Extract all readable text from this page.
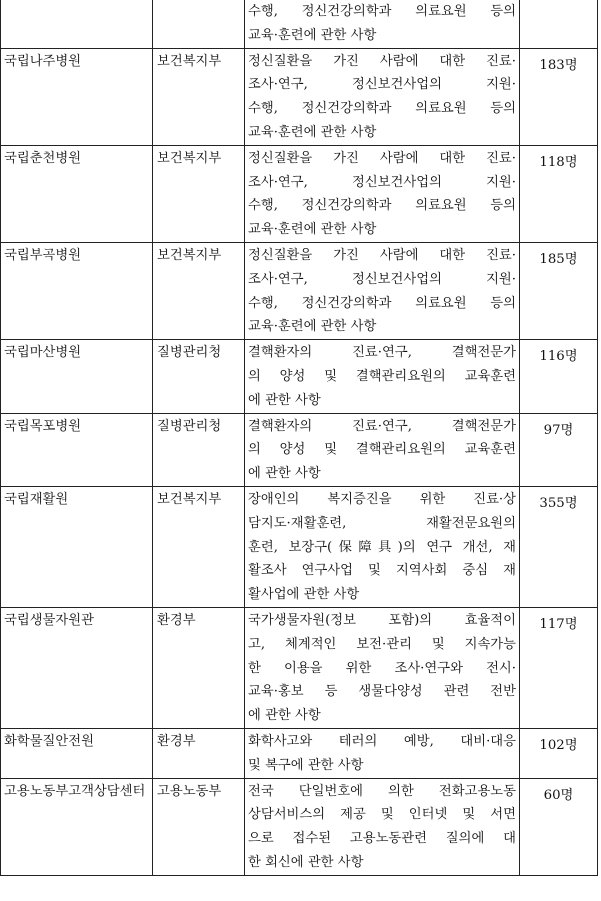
		수행, 정신건강의학과 의료요원 등의
교육·훈련에 관한 사항	

국립나주병원	보건복지부	정신질환을 가진 사람에 대한 진료·
조사·연구, 정신보건사업의 지원·
수행, 정신건강의학과 의료요원 등의
교육·훈련에 관한 사항	183명
국립춘천병원	보건복지부	정신질환을 가진 사람에 대한 진료·
조사·연구, 정신보건사업의 지원·
수행, 정신건강의학과 의료요원 등의
교육·훈련에 관한 사항	118명
국립부곡병원	보건복지부	정신질환을 가진 사람에 대한 진료·
조사·연구, 정신보건사업의 지원·
수행, 정신건강의학과 의료요원 등의
교육·훈련에 관한 사항	185명
국립마산병원	질병관리청	결핵환자의 진료·연구, 결핵전문가
의 양성 및 결핵관리요원의 교육훈련
에 관한 사항	116명
국립목포병원	질병관리청	결핵환자의 진료·연구, 결핵전문가
의 양성 및 결핵관리요원의 교육훈련
에 관한 사항	97명
국립재활원	보건복지부	장애인의 복지증진을 위한 진료·상
담지도·재활훈련, 재활전문요원의
훈련, 보장구(保障具)의 연구 개선, 재
활조사 연구사업 및 지역사회 중심 재
활사업에 관한 사항	355명
국립생물자원관	환경부	국가생물자원(정보 포함)의 효율적이
고, 체계적인 보전·관리 및 지속가능
한 이용을 위한 조사·연구와 전시·
교육·홍보 등 생물다양성 관련 전반
에 관한 사항	117명
화학물질안전원	환경부	화학사고와 테러의 예방, 대비·대응
및 복구에 관한 사항	102명
고용노동부고객상담센터	고용노동부	전국 단일번호에 의한 전화고용노동
상담서비스의 제공 및 인터넷 및 서면
으로 접수된 고용노동관련 질의에 대
한 회신에 관한 사항	60명
